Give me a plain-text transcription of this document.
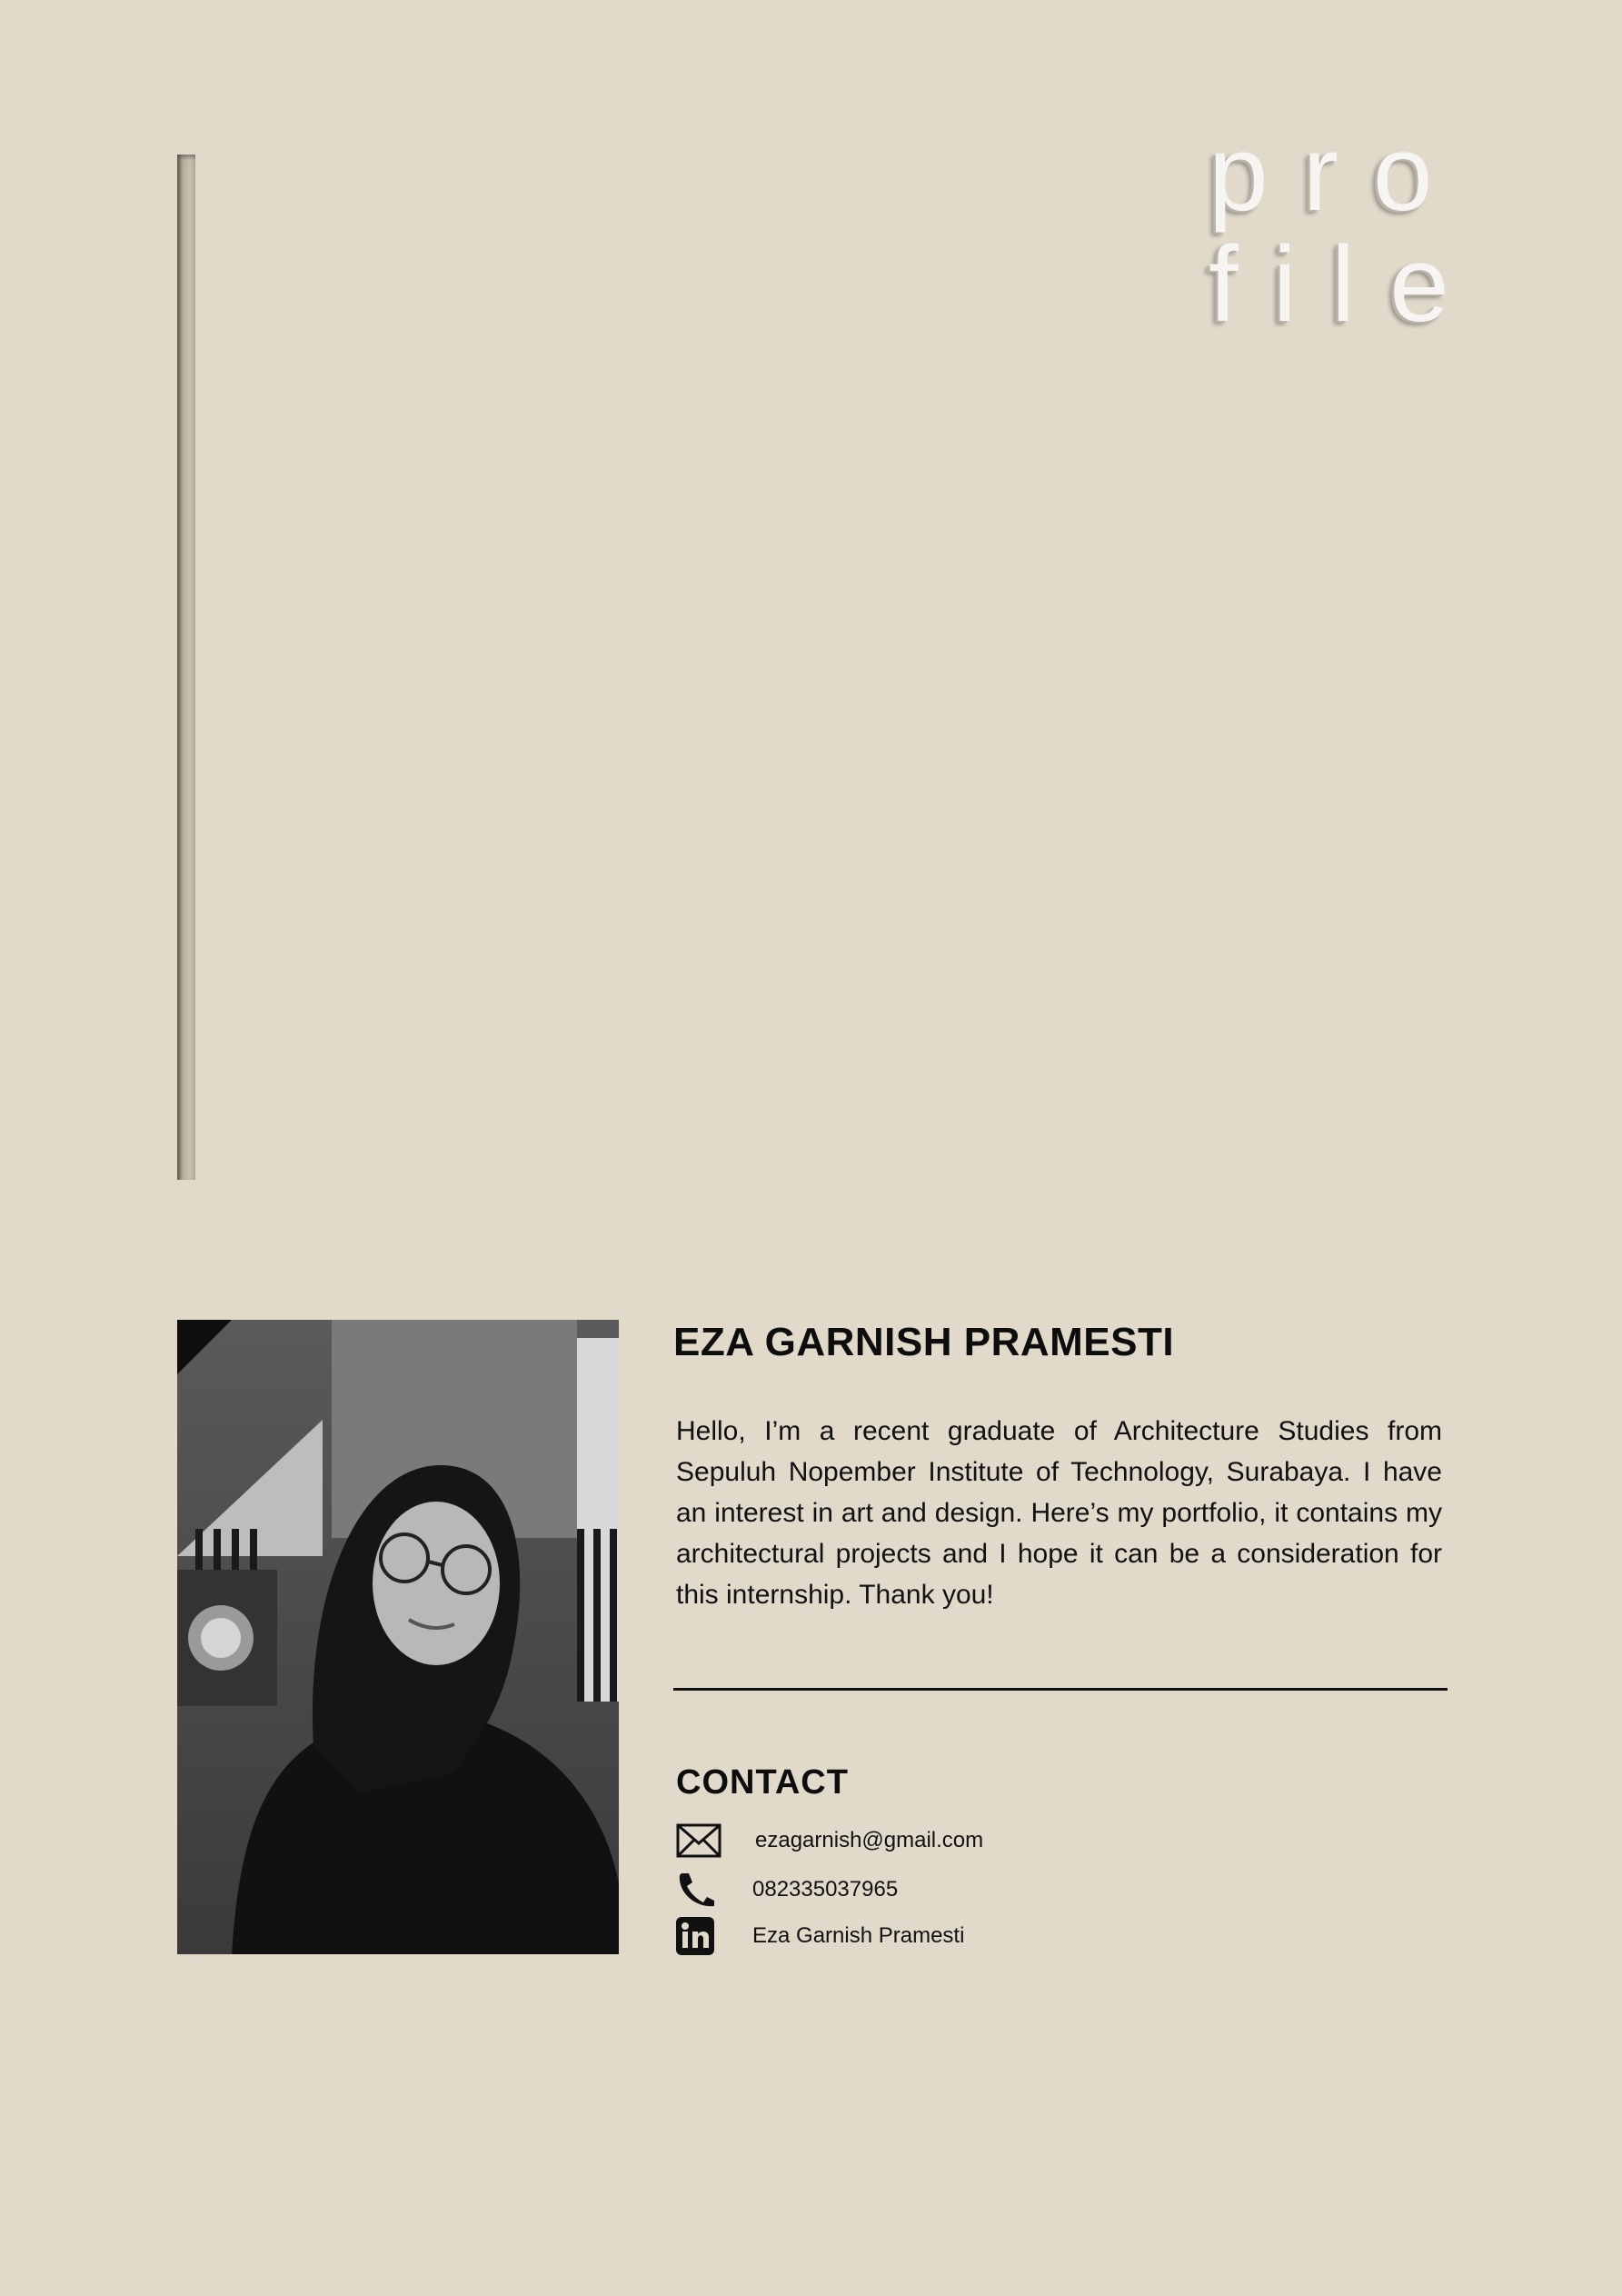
pro
file
EZA GARNISH PRAMESTI
Hello, I’m a recent graduate of Architecture Studies from Sepuluh Nopember Institute of Technology, Surabaya. I have an interest in art and design. Here’s my portfolio, it contains my architectural projects and I hope it can be a consideration for this internship. Thank you!
CONTACT
ezagarnish@gmail.com
082335037965
Eza Garnish Pramesti
